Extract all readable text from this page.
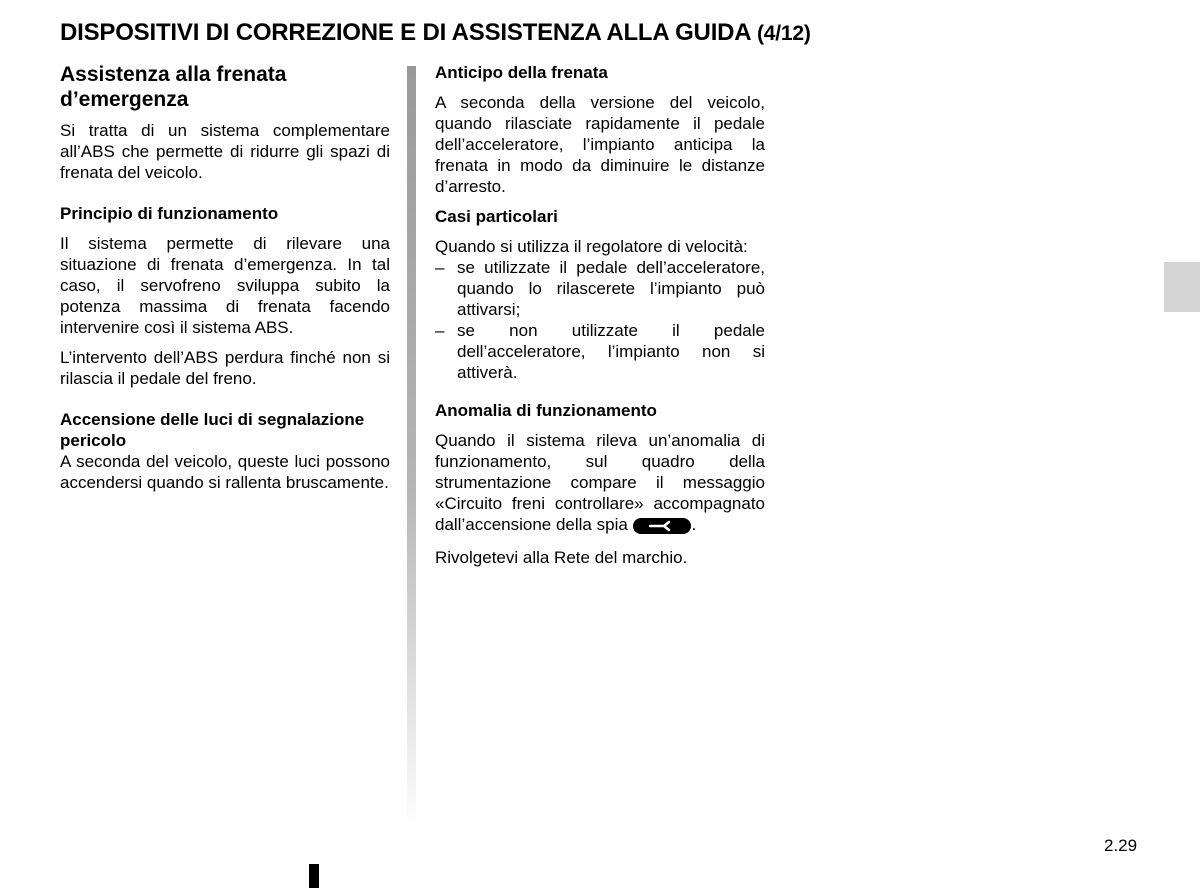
DISPOSITIVI DI CORREZIONE E DI ASSISTENZA ALLA GUIDA (4/12)
Assistenza alla frenata d’emergenza

Si tratta di un sistema complementare all’ABS che permette di ridurre gli spazi di frenata del veicolo.

Principio di funzionamento

Il sistema permette di rilevare una situazione di frenata d’emergenza. In tal caso, il servofreno sviluppa subito la potenza massima di frenata facendo intervenire così il sistema ABS.

L’intervento dell’ABS perdura finché non si rilascia il pedale del freno.

Accensione delle luci di segnalazione pericolo
A seconda del veicolo, queste luci possono accendersi quando si rallenta bruscamente.
Anticipo della frenata

A seconda della versione del veicolo, quando rilasciate rapidamente il pedale dell’acceleratore, l’impianto anticipa la frenata in modo da diminuire le distanze d’arresto.

Casi particolari
Quando si utilizza il regolatore di velocità:
– se utilizzate il pedale dell’acceleratore, quando lo rilascerete l’impianto può attivarsi;
– se non utilizzate il pedale dell’acceleratore, l’impianto non si attiverà.
Anomalia di funzionamento

Quando il sistema rileva un’anomalia di funzionamento, sul quadro della strumentazione compare il messaggio «Circuito freni controllare» accompagnato dall’accensione della spia	.

Rivolgetevi alla Rete del marchio.
2.29
